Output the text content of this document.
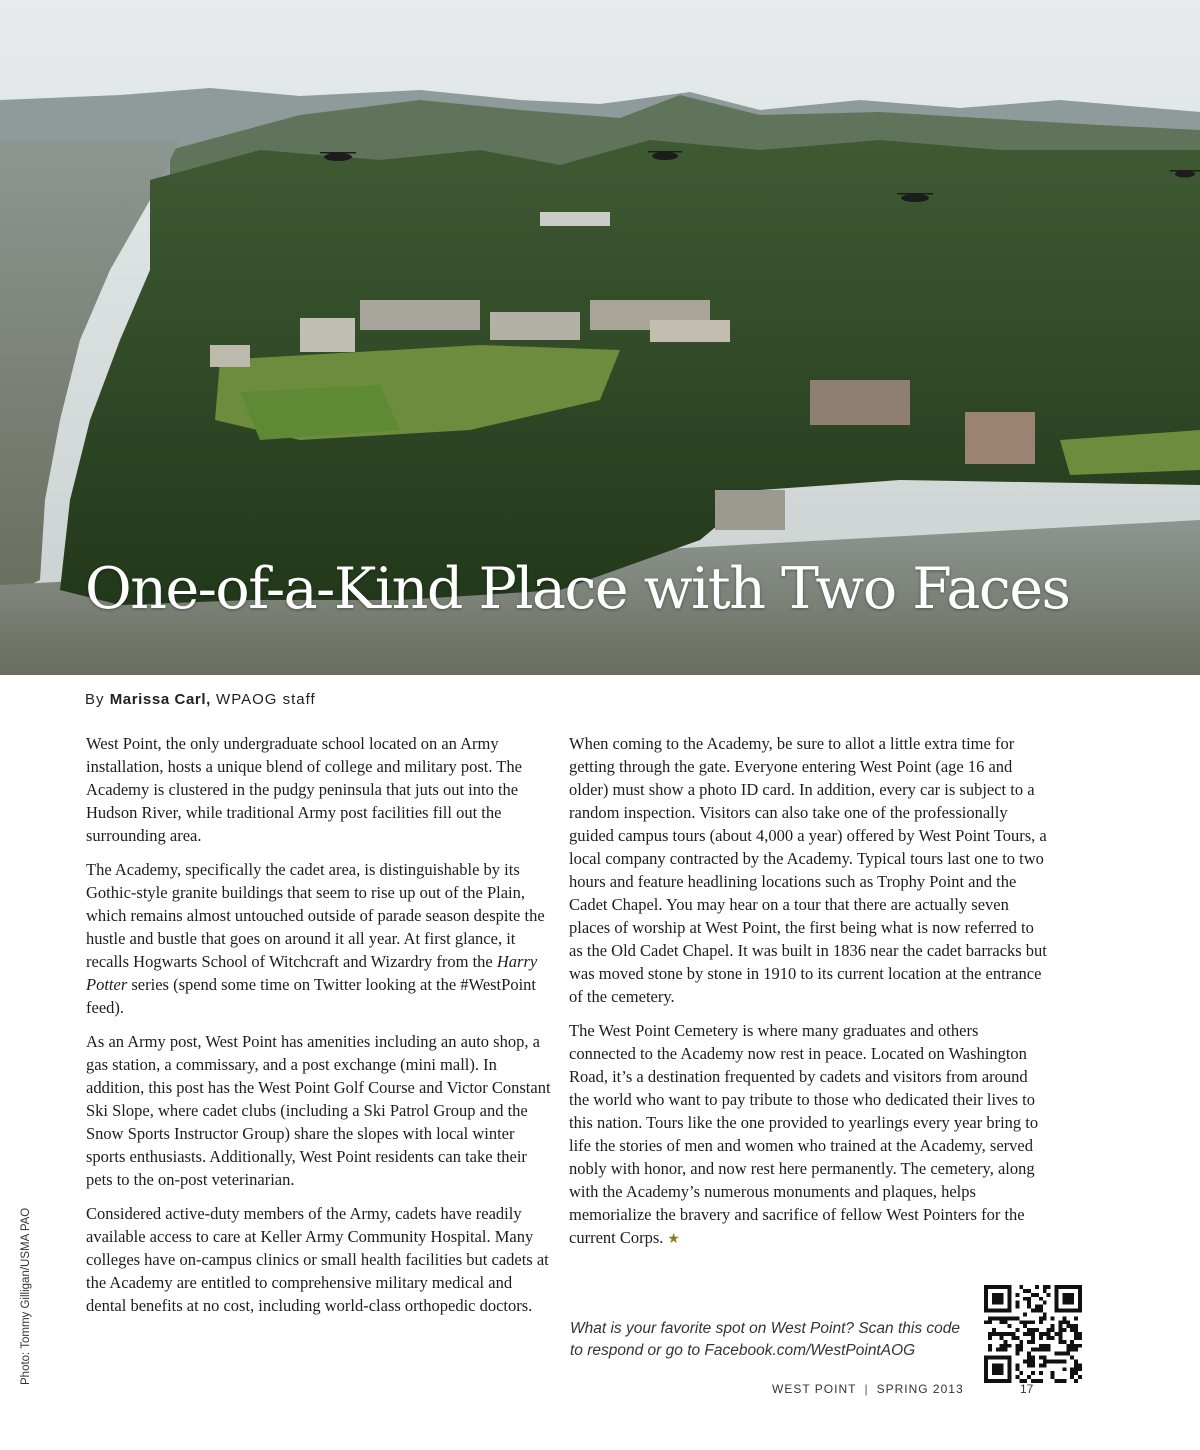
One-of-a-Kind Place with Two Faces
By Marissa Carl, WPAOG staff

West Point, the only undergraduate school located on an Army installation, hosts a unique blend of college and military post. The Academy is clustered in the pudgy peninsula that juts out into the Hudson River, while traditional Army post facilities fill out the surrounding area.

The Academy, specifically the cadet area, is distinguishable by its Gothic-style granite buildings that seem to rise up out of the Plain, which remains almost untouched outside of parade season despite the hustle and bustle that goes on around it all year. At first glance, it recalls Hogwarts School of Witchcraft and Wizardry from the Harry Potter series (spend some time on Twitter looking at the #WestPoint feed).

As an Army post, West Point has amenities including an auto shop, a gas station, a commissary, and a post exchange (mini mall). In addition, this post has the West Point Golf Course and Victor Constant Ski Slope, where cadet clubs (including a Ski Patrol Group and the Snow Sports Instructor Group) share the slopes with local winter sports enthusiasts. Additionally, West Point residents can take their pets to the on-post veterinarian.

Considered active-duty members of the Army, cadets have readily available access to care at Keller Army Community Hospital. Many colleges have on-campus clinics or small health facilities but cadets at the Academy are entitled to comprehensive military medical and dental benefits at no cost, including world-class orthopedic doctors.

When coming to the Academy, be sure to allot a little extra time for getting through the gate. Everyone entering West Point (age 16 and older) must show a photo ID card. In addition, every car is subject to a random inspection. Visitors can also take one of the professionally guided campus tours (about 4,000 a year) offered by West Point Tours, a local company contracted by the Academy. Typical tours last one to two hours and feature headlining locations such as Trophy Point and the Cadet Chapel. You may hear on a tour that there are actually seven places of worship at West Point, the first being what is now referred to as the Old Cadet Chapel. It was built in 1836 near the cadet barracks but was moved stone by stone in 1910 to its current location at the entrance of the cemetery.

The West Point Cemetery is where many graduates and others connected to the Academy now rest in peace. Located on Washington Road, it’s a destination frequented by cadets and visitors from around the world who want to pay tribute to those who dedicated their lives to this nation. Tours like the one provided to yearlings every year bring to life the stories of men and women who trained at the Academy, served nobly with honor, and now rest here permanently. The cemetery, along with the Academy’s numerous monuments and plaques, helps memorialize the bravery and sacrifice of fellow West Pointers for the current Corps. ★

Photo: Tommy Gilligan/USMA PAO	What is your favorite spot on West Point? Scan this code
to respond or go to Facebook.com/WestPointAOG
WEST POINT | SPRING 2013	17
